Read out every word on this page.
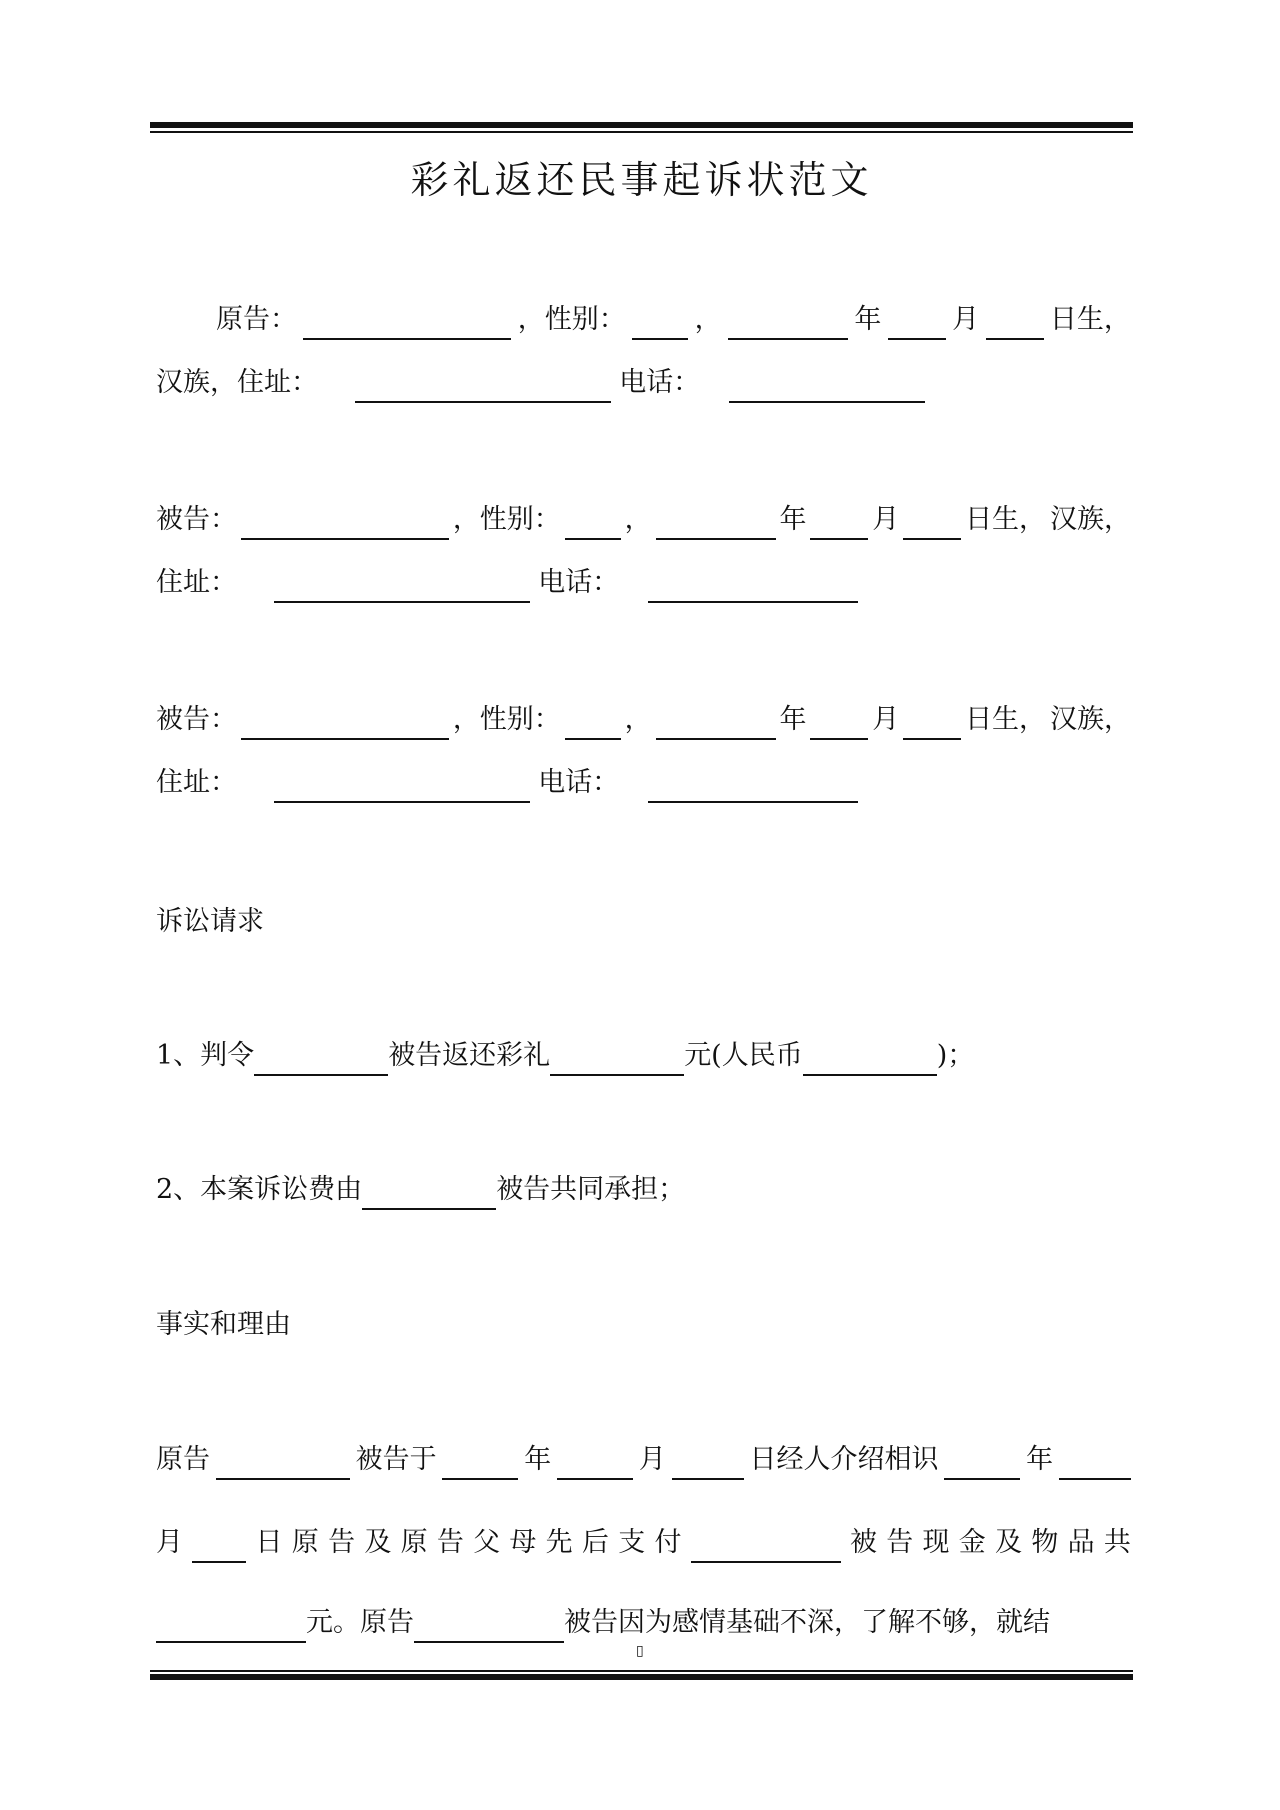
彩礼返还民事起诉状范文
原告：	，性别：	，	年	月	日生，
汉族，住址：	电话：
被告：	，性别： ，	年 月 日生， 汉族，
住址：	电话：
被告：	，性别： ，	年 月 日生， 汉族，
住址：	电话：
诉讼请求
1、判令	被告返还彩礼	元(人民币	)；
2、本案诉讼费由	被告共同承担；
事实和理由
原告	被告于	年	月	日经人介绍相识	年
月	日 原 告 及 原 告 父 母 先 后 支 付	被 告 现 金 及 物 品 共
元。原告	被告因为感情基础不深，了解不够，就结
▯
